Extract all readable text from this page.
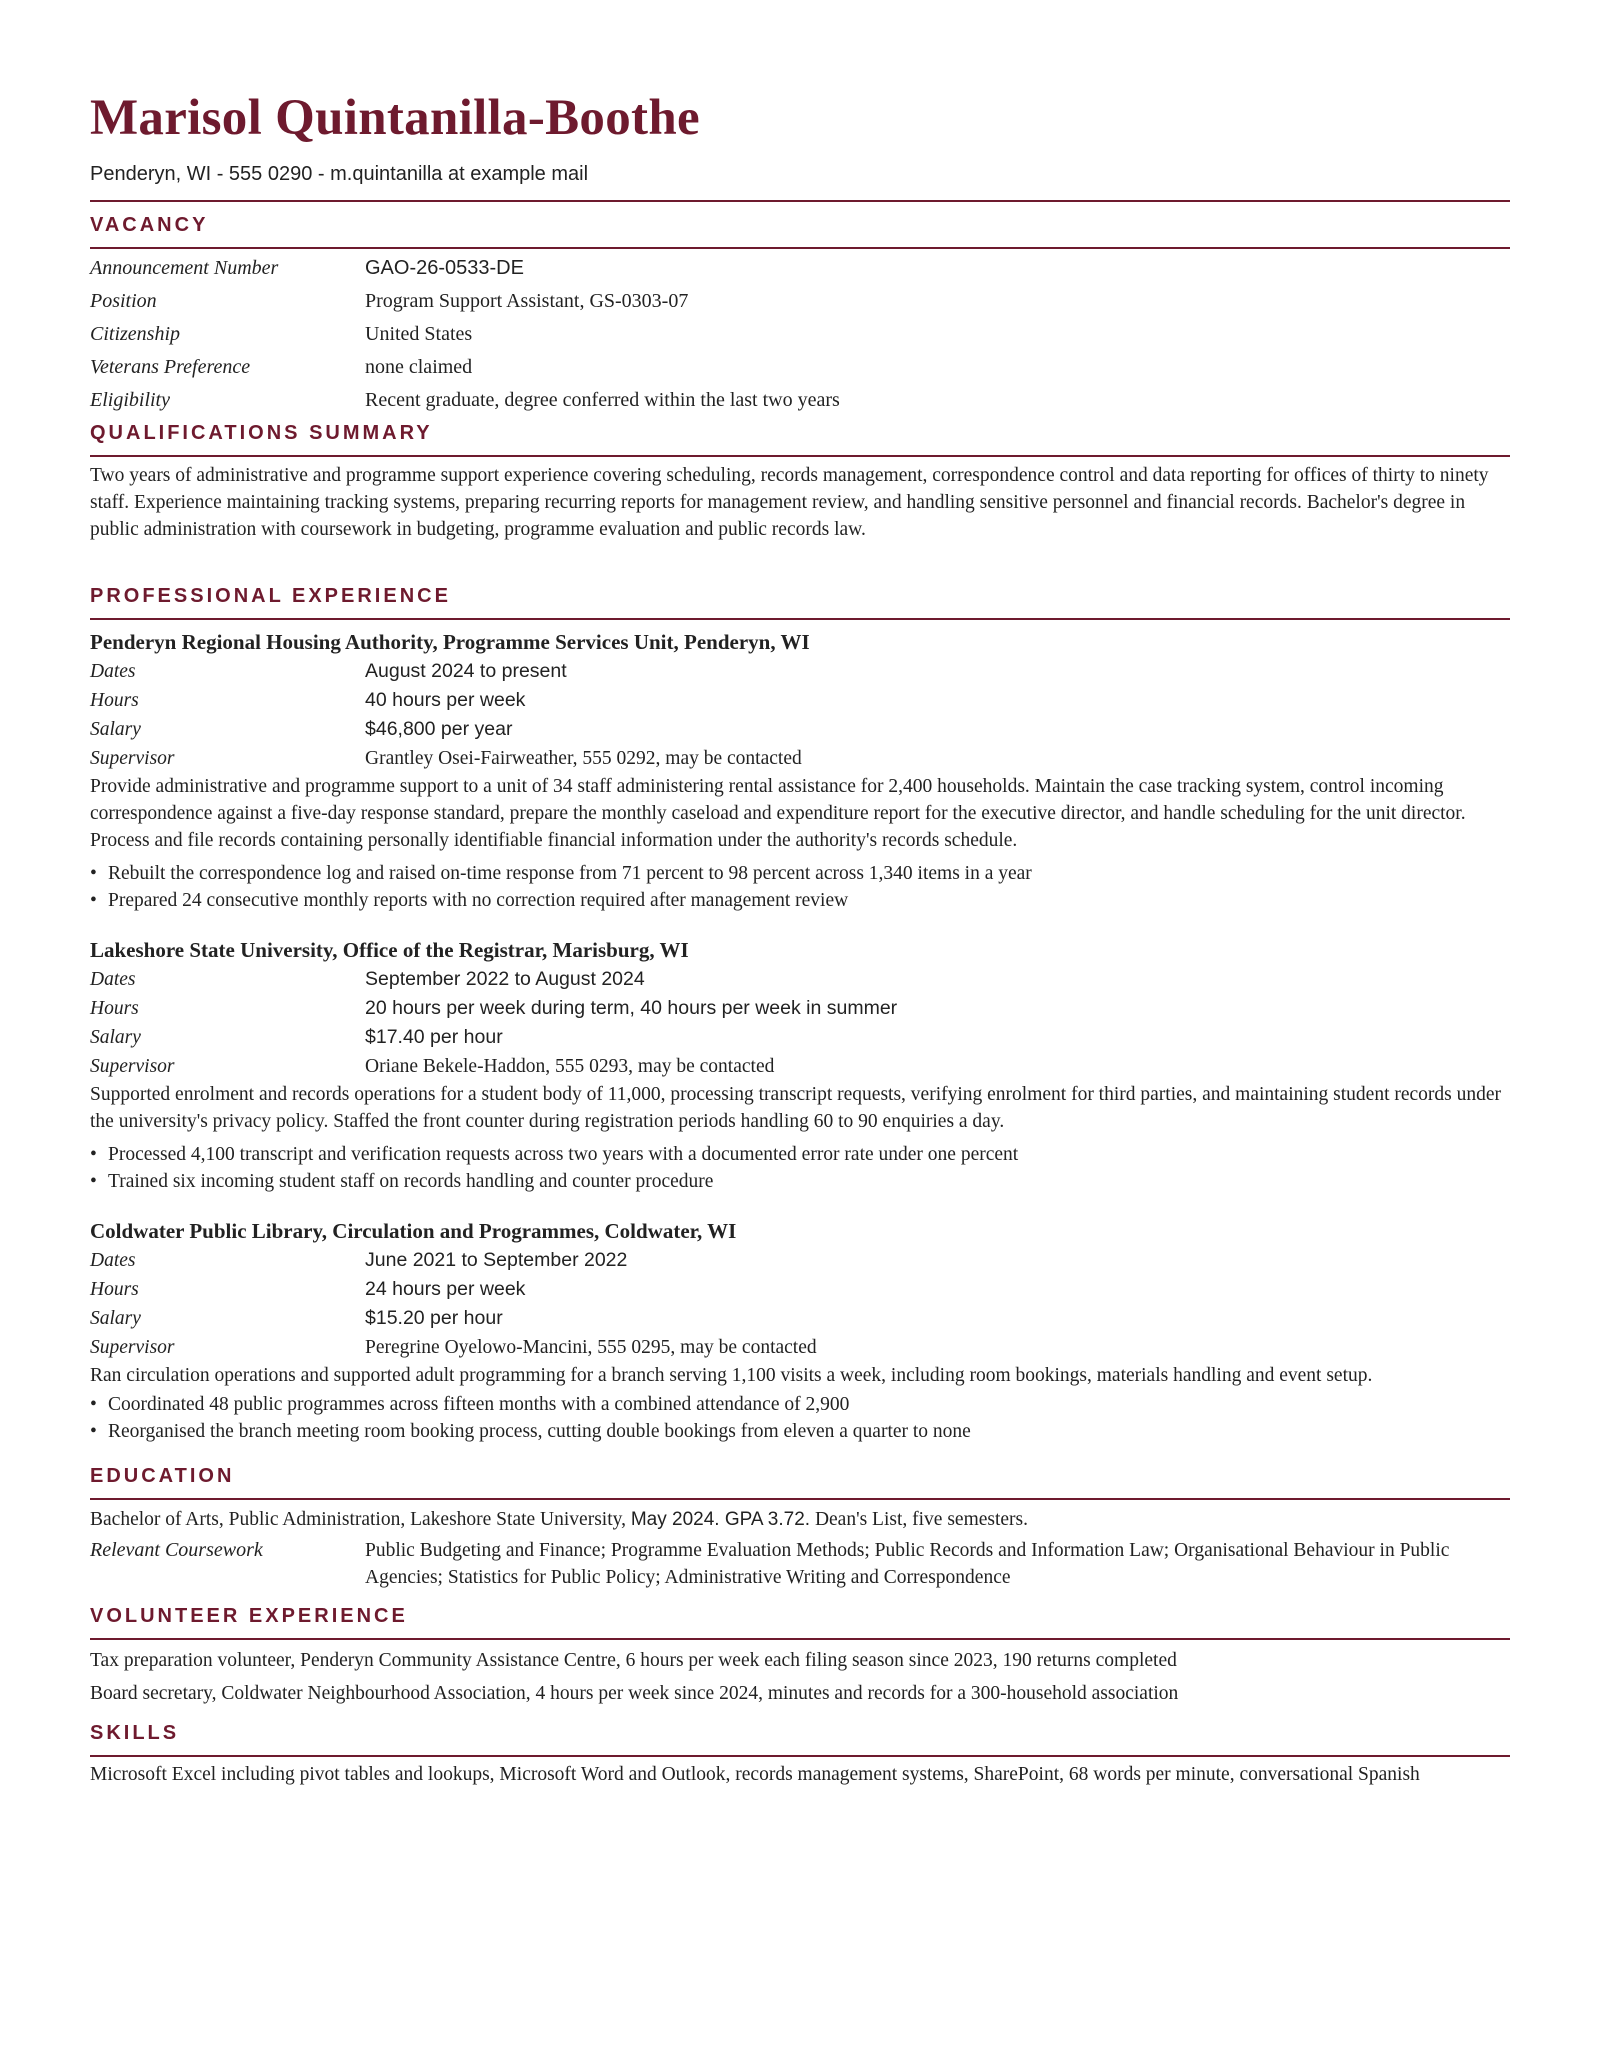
Marisol Quintanilla-Boothe
Penderyn, WI - 555 0290 - m.quintanilla at example mail
VACANCY
Announcement Number	GAO-26-0533-DE
Position	Program Support Assistant, GS-0303-07
Citizenship	United States
Veterans Preference	none claimed
Eligibility	Recent graduate, degree conferred within the last two years
QUALIFICATIONS SUMMARY
Two years of administrative and programme support experience covering scheduling, records management, correspondence control and data reporting for offices of thirty to ninety staff. Experience maintaining tracking systems, preparing recurring reports for management review, and handling sensitive personnel and financial records. Bachelor's degree in public administration with coursework in budgeting, programme evaluation and public records law.
PROFESSIONAL EXPERIENCE
Penderyn Regional Housing Authority, Programme Services Unit, Penderyn, WI
Dates	August 2024 to present
Hours	40 hours per week
Salary	$46,800 per year
Supervisor	Grantley Osei-Fairweather, 555 0292, may be contacted
Provide administrative and programme support to a unit of 34 staff administering rental assistance for 2,400 households. Maintain the case tracking system, control incoming correspondence against a five-day response standard, prepare the monthly caseload and expenditure report for the executive director, and handle scheduling for the unit director. Process and file records containing personally identifiable financial information under the authority's records schedule.
• Rebuilt the correspondence log and raised on-time response from 71 percent to 98 percent across 1,340 items in a year
• Prepared 24 consecutive monthly reports with no correction required after management review
Lakeshore State University, Office of the Registrar, Marisburg, WI
Dates	September 2022 to August 2024
Hours	20 hours per week during term, 40 hours per week in summer
Salary	$17.40 per hour
Supervisor	Oriane Bekele-Haddon, 555 0293, may be contacted
Supported enrolment and records operations for a student body of 11,000, processing transcript requests, verifying enrolment for third parties, and maintaining student records under the university's privacy policy. Staffed the front counter during registration periods handling 60 to 90 enquiries a day.
• Processed 4,100 transcript and verification requests across two years with a documented error rate under one percent
• Trained six incoming student staff on records handling and counter procedure
Coldwater Public Library, Circulation and Programmes, Coldwater, WI
Dates	June 2021 to September 2022
Hours	24 hours per week
Salary	$15.20 per hour
Supervisor	Peregrine Oyelowo-Mancini, 555 0295, may be contacted
Ran circulation operations and supported adult programming for a branch serving 1,100 visits a week, including room bookings, materials handling and event setup.
• Coordinated 48 public programmes across fifteen months with a combined attendance of 2,900
• Reorganised the branch meeting room booking process, cutting double bookings from eleven a quarter to none
EDUCATION
Bachelor of Arts, Public Administration, Lakeshore State University, May 2024. GPA 3.72. Dean's List, five semesters.
Relevant Coursework	Public Budgeting and Finance; Programme Evaluation Methods; Public Records and Information Law; Organisational Behaviour in Public Agencies; Statistics for Public Policy; Administrative Writing and Correspondence
VOLUNTEER EXPERIENCE
Tax preparation volunteer, Penderyn Community Assistance Centre, 6 hours per week each filing season since 2023, 190 returns completed
Board secretary, Coldwater Neighbourhood Association, 4 hours per week since 2024, minutes and records for a 300-household association
SKILLS
Microsoft Excel including pivot tables and lookups, Microsoft Word and Outlook, records management systems, SharePoint, 68 words per minute, conversational Spanish
